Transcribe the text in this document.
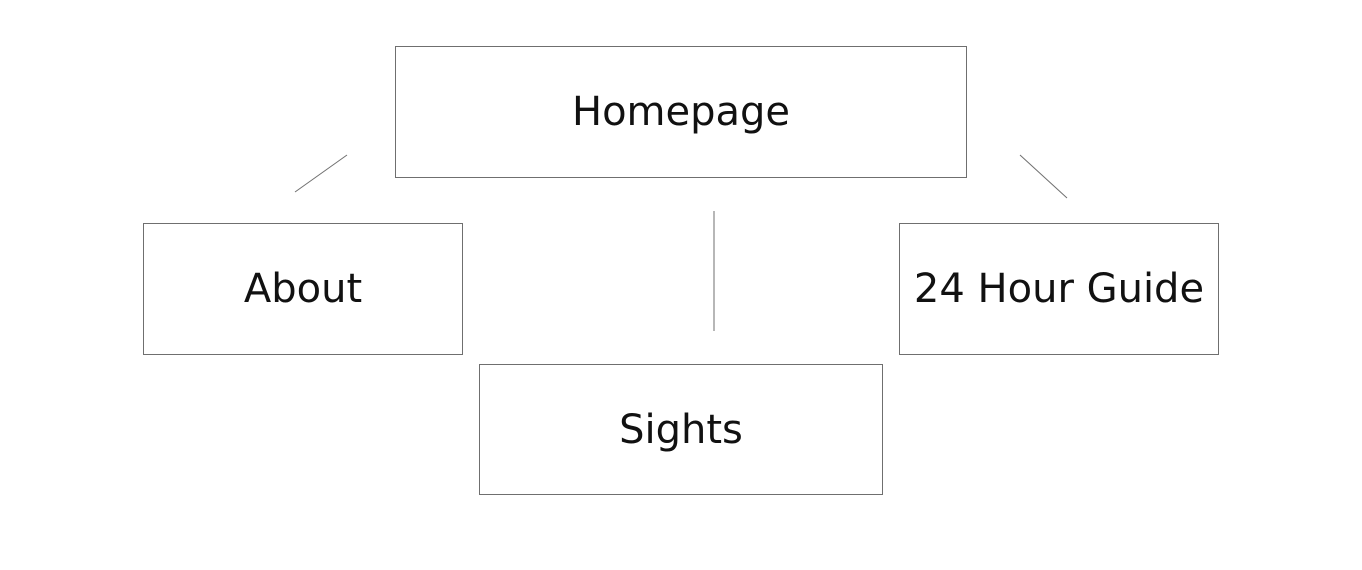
Homepage
About	24 Hour Guide
Sights
